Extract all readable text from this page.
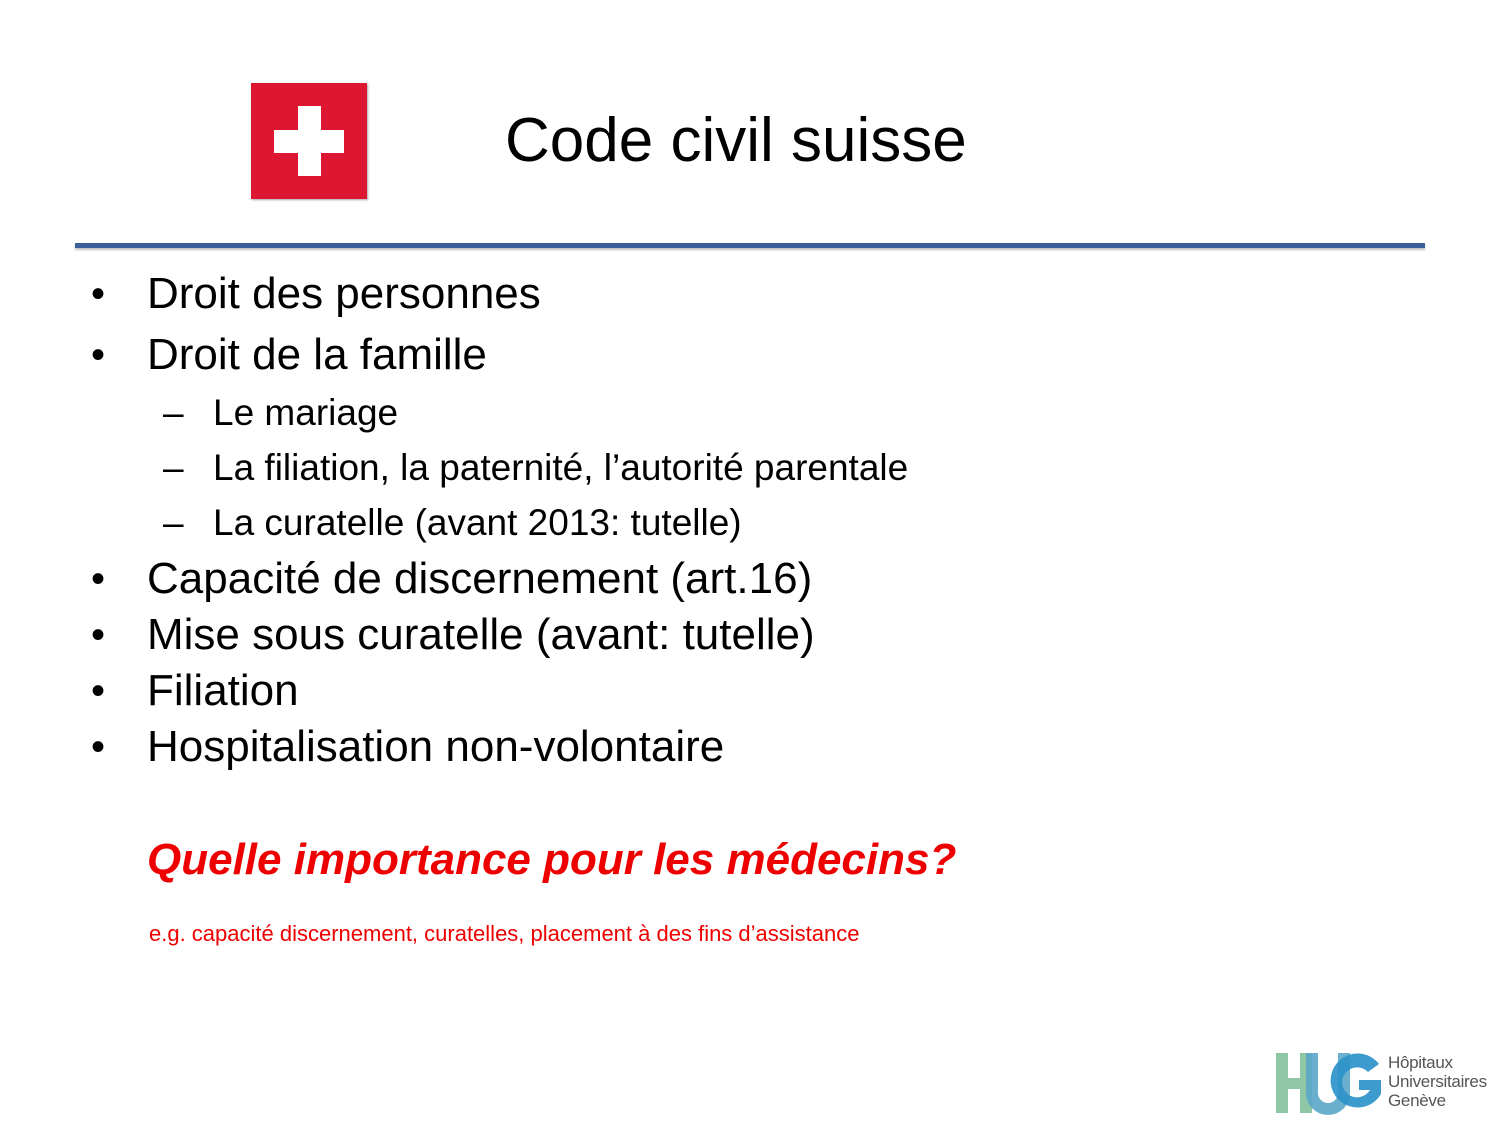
Code civil suisse
• Droit des personnes
• Droit de la famille
– Le mariage
– La filiation, la paternité, l’autorité parentale
– La curatelle (avant 2013: tutelle)
• Capacité de discernement (art.16)
• Mise sous curatelle (avant: tutelle)
• Filiation
• Hospitalisation non-volontaire
Quelle importance pour les médecins?
e.g. capacité discernement, curatelles, placement à des fins d’assistance
Hôpitaux
Universitaires
Genève
